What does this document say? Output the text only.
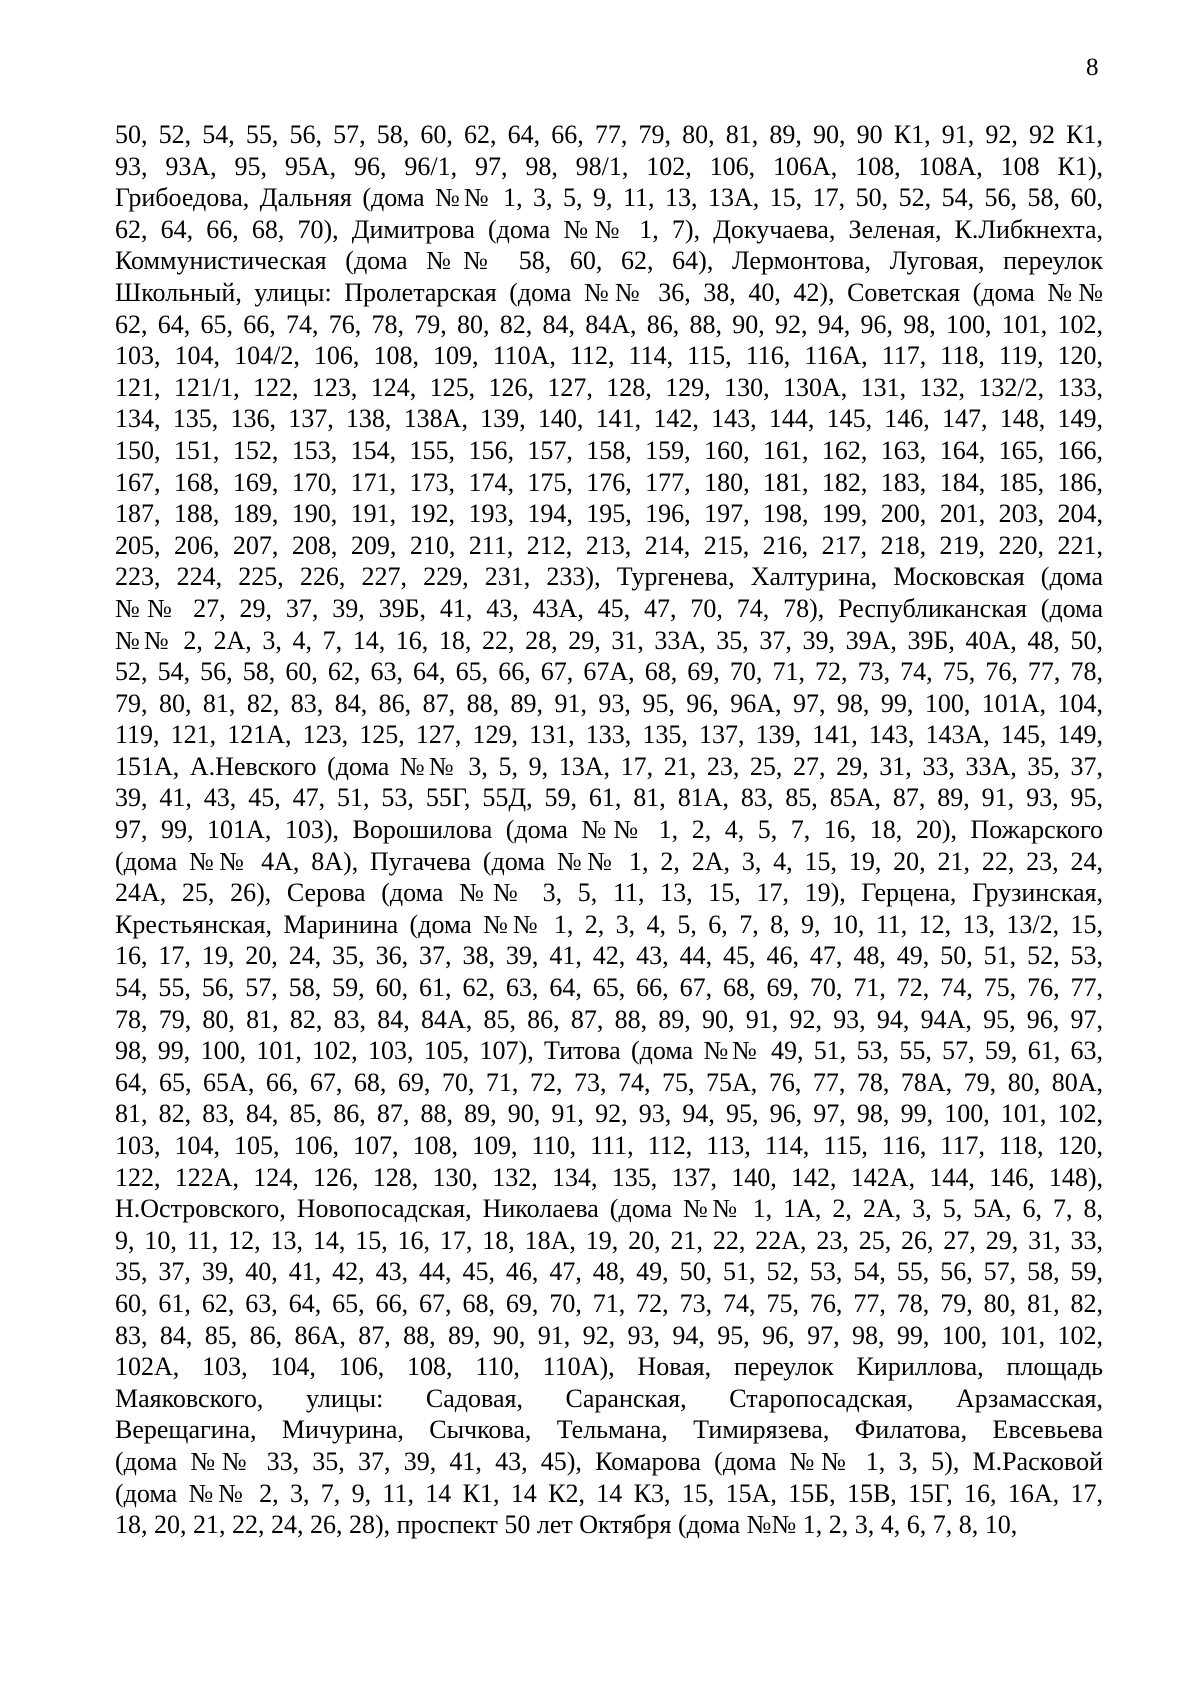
8
50, 52, 54, 55, 56, 57, 58, 60, 62, 64, 66, 77, 79, 80, 81, 89, 90, 90 К1, 91, 92, 92 К1,
93, 93А, 95, 95А, 96, 96/1, 97, 98, 98/1, 102, 106, 106А, 108, 108А, 108 К1),
Грибоедова, Дальняя (дома №№ 1, 3, 5, 9, 11, 13, 13А, 15, 17, 50, 52, 54, 56, 58, 60,
62, 64, 66, 68, 70), Димитрова (дома №№ 1, 7), Докучаева, Зеленая, К.Либкнехта,
Коммунистическая (дома №№ 58, 60, 62, 64), Лермонтова, Луговая, переулок
Школьный, улицы: Пролетарская (дома №№ 36, 38, 40, 42), Советская (дома №№
62, 64, 65, 66, 74, 76, 78, 79, 80, 82, 84, 84А, 86, 88, 90, 92, 94, 96, 98, 100, 101, 102,
103, 104, 104/2, 106, 108, 109, 110А, 112, 114, 115, 116, 116А, 117, 118, 119, 120,
121, 121/1, 122, 123, 124, 125, 126, 127, 128, 129, 130, 130А, 131, 132, 132/2, 133,
134, 135, 136, 137, 138, 138А, 139, 140, 141, 142, 143, 144, 145, 146, 147, 148, 149,
150, 151, 152, 153, 154, 155, 156, 157, 158, 159, 160, 161, 162, 163, 164, 165, 166,
167, 168, 169, 170, 171, 173, 174, 175, 176, 177, 180, 181, 182, 183, 184, 185, 186,
187, 188, 189, 190, 191, 192, 193, 194, 195, 196, 197, 198, 199, 200, 201, 203, 204,
205, 206, 207, 208, 209, 210, 211, 212, 213, 214, 215, 216, 217, 218, 219, 220, 221,
223, 224, 225, 226, 227, 229, 231, 233), Тургенева, Халтурина, Московская (дома
№№ 27, 29, 37, 39, 39Б, 41, 43, 43А, 45, 47, 70, 74, 78), Республиканская (дома
№№ 2, 2А, 3, 4, 7, 14, 16, 18, 22, 28, 29, 31, 33А, 35, 37, 39, 39А, 39Б, 40А, 48, 50,
52, 54, 56, 58, 60, 62, 63, 64, 65, 66, 67, 67А, 68, 69, 70, 71, 72, 73, 74, 75, 76, 77, 78,
79, 80, 81, 82, 83, 84, 86, 87, 88, 89, 91, 93, 95, 96, 96А, 97, 98, 99, 100, 101А, 104,
119, 121, 121А, 123, 125, 127, 129, 131, 133, 135, 137, 139, 141, 143, 143А, 145, 149,
151А, А.Невского (дома №№ 3, 5, 9, 13А, 17, 21, 23, 25, 27, 29, 31, 33, 33А, 35, 37,
39, 41, 43, 45, 47, 51, 53, 55Г, 55Д, 59, 61, 81, 81А, 83, 85, 85А, 87, 89, 91, 93, 95,
97, 99, 101А, 103), Ворошилова (дома №№ 1, 2, 4, 5, 7, 16, 18, 20), Пожарского
(дома №№ 4А, 8А), Пугачева (дома №№ 1, 2, 2А, 3, 4, 15, 19, 20, 21, 22, 23, 24,
24А, 25, 26), Серова (дома №№ 3, 5, 11, 13, 15, 17, 19), Герцена, Грузинская,
Крестьянская, Маринина (дома №№ 1, 2, 3, 4, 5, 6, 7, 8, 9, 10, 11, 12, 13, 13/2, 15,
16, 17, 19, 20, 24, 35, 36, 37, 38, 39, 41, 42, 43, 44, 45, 46, 47, 48, 49, 50, 51, 52, 53,
54, 55, 56, 57, 58, 59, 60, 61, 62, 63, 64, 65, 66, 67, 68, 69, 70, 71, 72, 74, 75, 76, 77,
78, 79, 80, 81, 82, 83, 84, 84А, 85, 86, 87, 88, 89, 90, 91, 92, 93, 94, 94А, 95, 96, 97,
98, 99, 100, 101, 102, 103, 105, 107), Титова (дома №№ 49, 51, 53, 55, 57, 59, 61, 63,
64, 65, 65А, 66, 67, 68, 69, 70, 71, 72, 73, 74, 75, 75А, 76, 77, 78, 78А, 79, 80, 80А,
81, 82, 83, 84, 85, 86, 87, 88, 89, 90, 91, 92, 93, 94, 95, 96, 97, 98, 99, 100, 101, 102,
103, 104, 105, 106, 107, 108, 109, 110, 111, 112, 113, 114, 115, 116, 117, 118, 120,
122, 122А, 124, 126, 128, 130, 132, 134, 135, 137, 140, 142, 142А, 144, 146, 148),
Н.Островского, Новопосадская, Николаева (дома №№ 1, 1А, 2, 2А, 3, 5, 5А, 6, 7, 8,
9, 10, 11, 12, 13, 14, 15, 16, 17, 18, 18А, 19, 20, 21, 22, 22А, 23, 25, 26, 27, 29, 31, 33,
35, 37, 39, 40, 41, 42, 43, 44, 45, 46, 47, 48, 49, 50, 51, 52, 53, 54, 55, 56, 57, 58, 59,
60, 61, 62, 63, 64, 65, 66, 67, 68, 69, 70, 71, 72, 73, 74, 75, 76, 77, 78, 79, 80, 81, 82,
83, 84, 85, 86, 86А, 87, 88, 89, 90, 91, 92, 93, 94, 95, 96, 97, 98, 99, 100, 101, 102,
102А, 103, 104, 106, 108, 110, 110А), Новая, переулок Кириллова, площадь
Маяковского, улицы: Садовая, Саранская, Старопосадская, Арзамасская,
Верещагина, Мичурина, Сычкова, Тельмана, Тимирязева, Филатова, Евсевьева
(дома №№ 33, 35, 37, 39, 41, 43, 45), Комарова (дома №№ 1, 3, 5), М.Расковой
(дома №№ 2, 3, 7, 9, 11, 14 К1, 14 К2, 14 К3, 15, 15А, 15Б, 15В, 15Г, 16, 16А, 17,
18, 20, 21, 22, 24, 26, 28), проспект 50 лет Октября (дома №№ 1, 2, 3, 4, 6, 7, 8, 10,
